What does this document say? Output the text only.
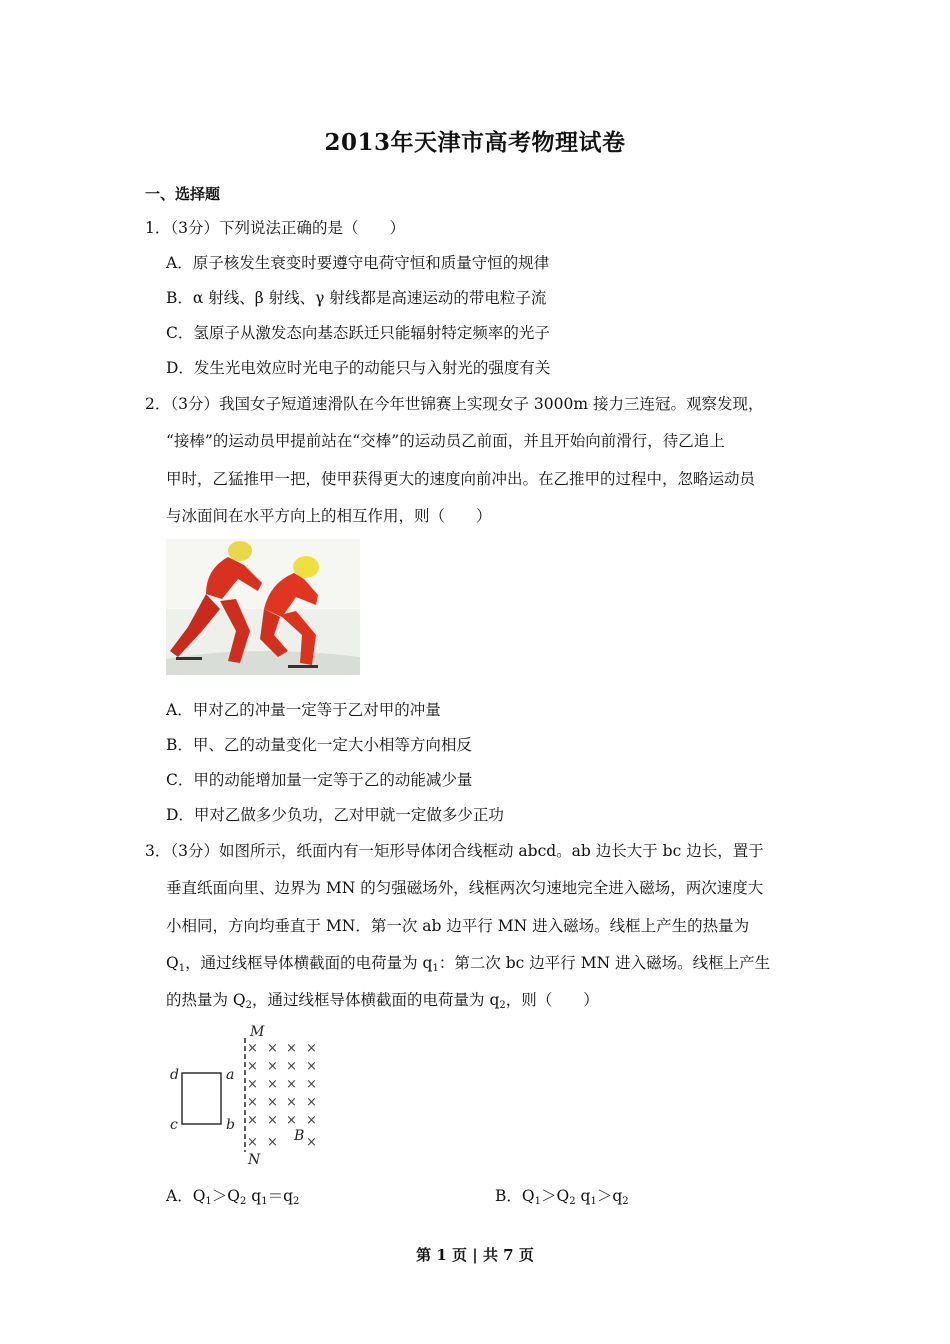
2013年天津市高考物理试卷
一、选择题
1．（3分）下列说法正确的是（　　）
A．原子核发生衰变时要遵守电荷守恒和质量守恒的规律
B．α 射线、β 射线、γ 射线都是高速运动的带电粒子流
C．氢原子从激发态向基态跃迁只能辐射特定频率的光子
D．发生光电效应时光电子的动能只与入射光的强度有关
2．（3分）我国女子短道速滑队在今年世锦赛上实现女子 3000m 接力三连冠。观察发现，
“接棒”的运动员甲提前站在“交棒”的运动员乙前面，并且开始向前滑行，待乙追上
甲时，乙猛推甲一把，使甲获得更大的速度向前冲出。在乙推甲的过程中，忽略运动员
与冰面间在水平方向上的相互作用，则（　　）
A．甲对乙的冲量一定等于乙对甲的冲量
B．甲、乙的动量变化一定大小相等方向相反
C．甲的动能增加量一定等于乙的动能减少量
D．甲对乙做多少负功，乙对甲就一定做多少正功
3．（3分）如图所示，纸面内有一矩形导体闭合线框动 abcd。ab 边长大于 bc 边长，置于
垂直纸面向里、边界为 MN 的匀强磁场外，线框两次匀速地完全进入磁场，两次速度大
小相同，方向均垂直于 MN．第一次 ab 边平行 MN 进入磁场。线框上产生的热量为
$Q_1$，通过线框导体横截面的电荷量为 $q_1$：第二次 bc 边平行 MN 进入磁场。线框上产生
的热量为 $Q_2$，通过线框导体横截面的电荷量为 $q_2$，则（　　）
× × × ×
× × × ×
× × × ×
× × × ×
× × × ×
× × ×
M
N
d	a
c	b
B
A．$Q_1>Q_2$ $q_1=q_2$	B．$Q_1>Q_2$ $q_1>q_2$
第 1 页 | 共 7 页
